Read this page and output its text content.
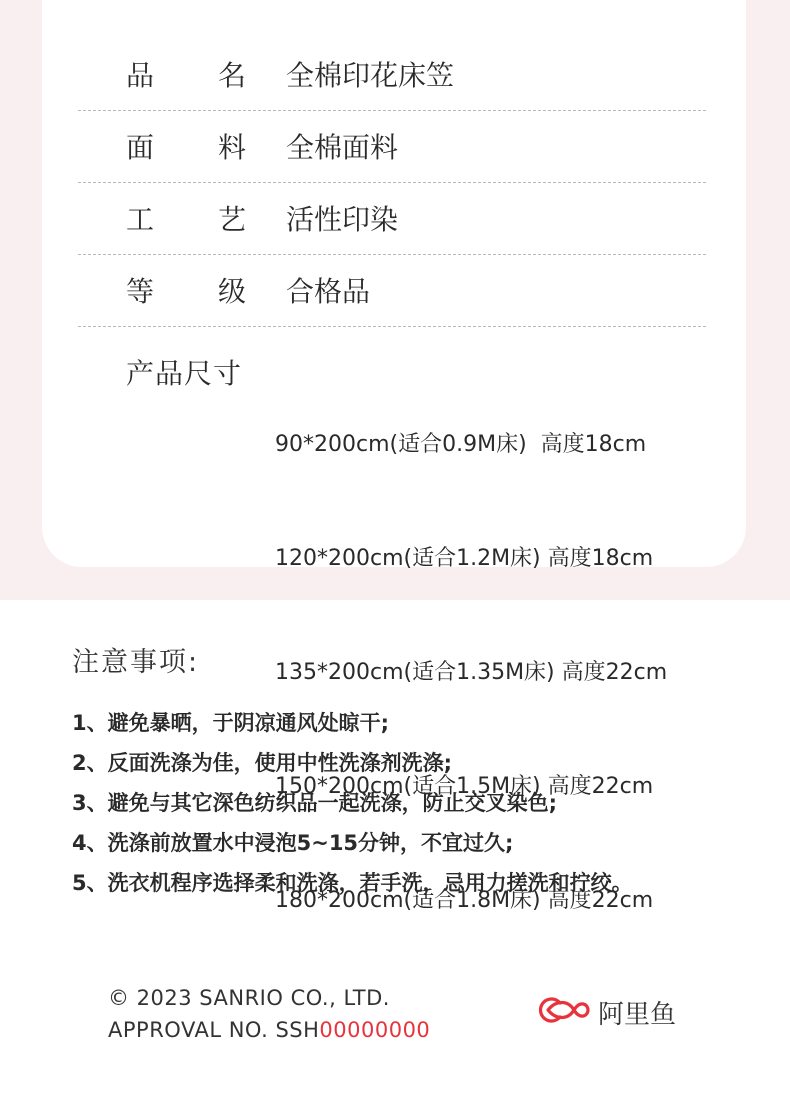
品 名 全棉印花床笠
面 料 全棉面料
工 艺 活性印染
等 级 合格品
产品尺寸

90*200cm(适合0.9M床)  高度18cm

120*200cm(适合1.2M床) 高度18cm

135*200cm(适合1.35M床) 高度22cm

150*200cm(适合1.5M床) 高度22cm

180*200cm(适合1.8M床) 高度22cm

注意事项:
1、避免暴晒，于阴凉通风处晾干;
2、反面洗涤为佳，使用中性洗涤剂洗涤;
3、避免与其它深色纺织品一起洗涤，防止交叉染色;
4、洗涤前放置水中浸泡5~15分钟，不宜过久;
5、洗衣机程序选择柔和洗涤，若手洗，忌用力搓洗和拧绞。
© 2023 SANRIO CO., LTD.
APPROVAL NO. SSH00000000
阿里鱼
